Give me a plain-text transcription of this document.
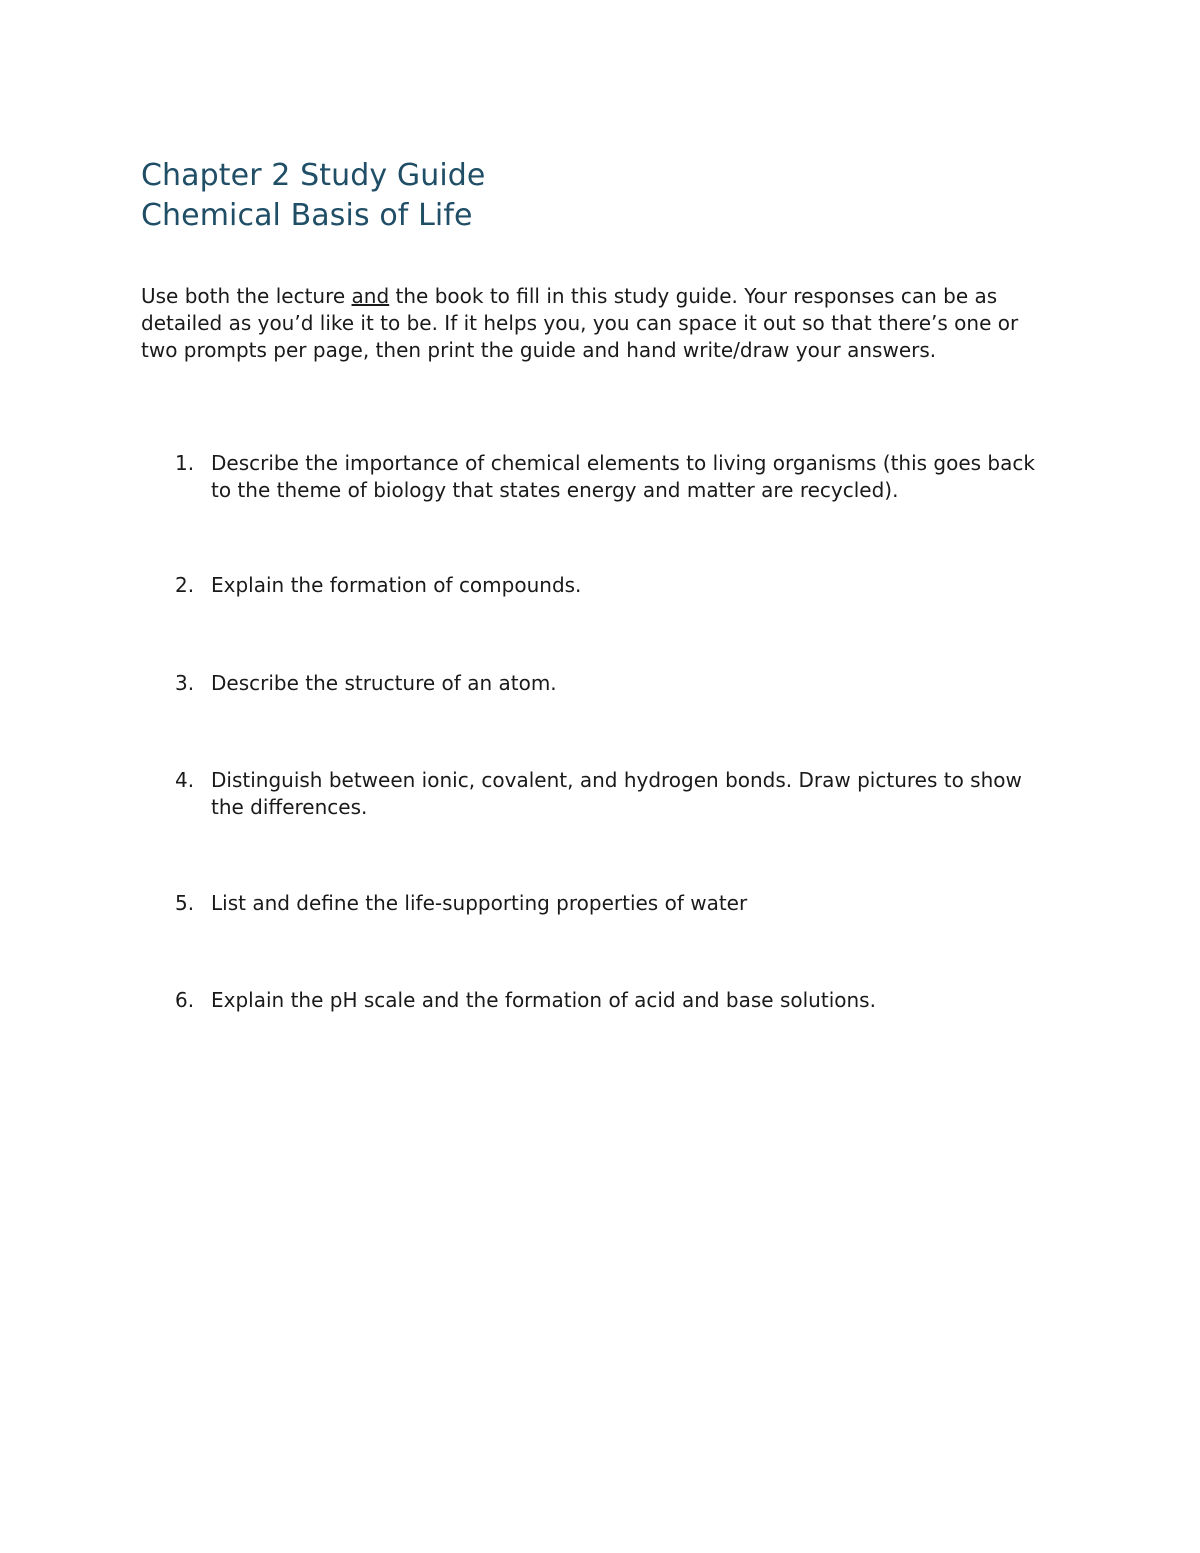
Chapter 2 Study Guide
Chemical Basis of Life

Use both the lecture and the book to fill in this study guide. Your responses can be as detailed as you’d like it to be. If it helps you, you can space it out so that there’s one or two prompts per page, then print the guide and hand write/draw your answers.

1. Describe the importance of chemical elements to living organisms (this goes back to the theme of biology that states energy and matter are recycled).
2. Explain the formation of compounds.
3. Describe the structure of an atom.
4. Distinguish between ionic, covalent, and hydrogen bonds. Draw pictures to show the differences.
5. List and define the life-supporting properties of water
6. Explain the pH scale and the formation of acid and base solutions.
